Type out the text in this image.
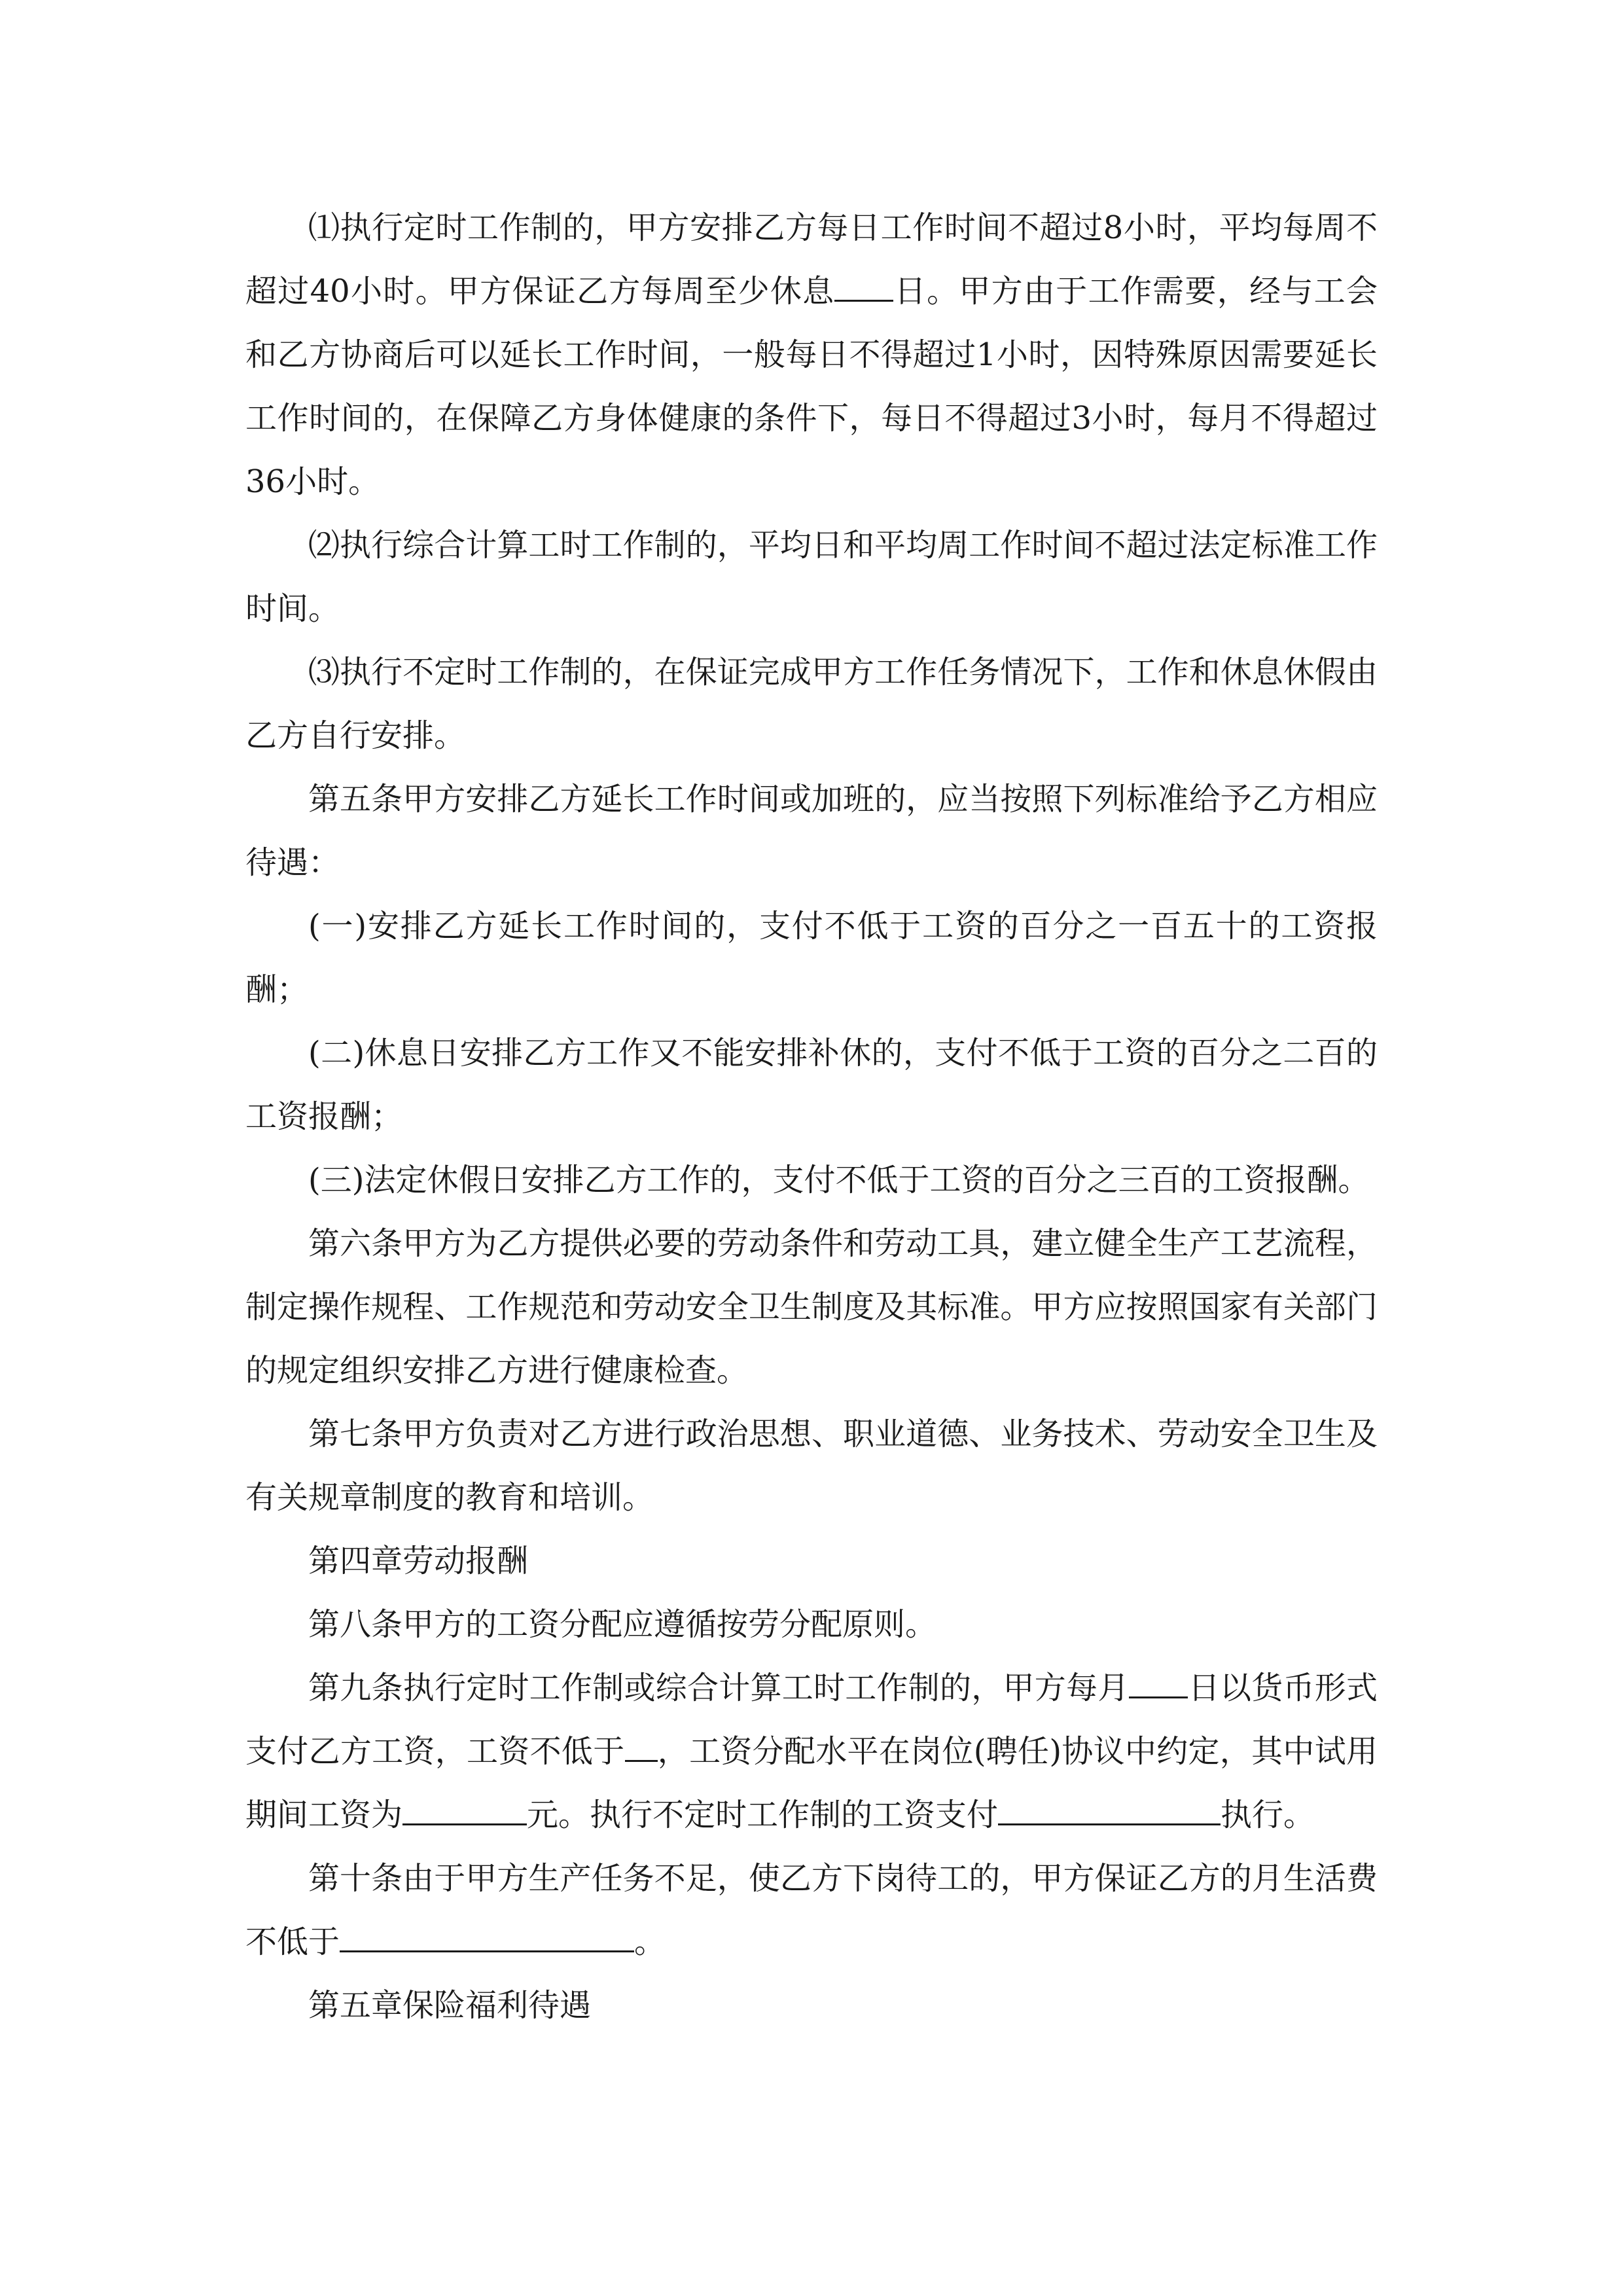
⑴执行定时工作制的，甲方安排乙方每日工作时间不超过8小时，平均每周不超过40小时。甲方保证乙方每周至少休息 日。甲方由于工作需要，经与工会和乙方协商后可以延长工作时间，一般每日不得超过1小时，因特殊原因需要延长工作时间的，在保障乙方身体健康的条件下，每日不得超过3小时，每月不得超过36小时。

⑵执行综合计算工时工作制的，平均日和平均周工作时间不超过法定标准工作时间。

⑶执行不定时工作制的，在保证完成甲方工作任务情况下，工作和休息休假由乙方自行安排。

第五条甲方安排乙方延长工作时间或加班的，应当按照下列标准给予乙方相应待遇：

(一)安排乙方延长工作时间的，支付不低于工资的百分之一百五十的工资报酬；

(二)休息日安排乙方工作又不能安排补休的，支付不低于工资的百分之二百的工资报酬；

(三)法定休假日安排乙方工作的，支付不低于工资的百分之三百的工资报酬。

第六条甲方为乙方提供必要的劳动条件和劳动工具，建立健全生产工艺流程，制定操作规程、工作规范和劳动安全卫生制度及其标准。甲方应按照国家有关部门的规定组织安排乙方进行健康检查。

第七条甲方负责对乙方进行政治思想、职业道德、业务技术、劳动安全卫生及有关规章制度的教育和培训。

第四章劳动报酬

第八条甲方的工资分配应遵循按劳分配原则。

第九条执行定时工作制或综合计算工时工作制的，甲方每月 日以货币形式支付乙方工资，工资不低于 ，工资分配水平在岗位(聘任)协议中约定，其中试用期间工资为	元。执行不定时工作制的工资支付	执行。

第十条由于甲方生产任务不足，使乙方下岗待工的，甲方保证乙方的月生活费不低于	。

第五章保险福利待遇
